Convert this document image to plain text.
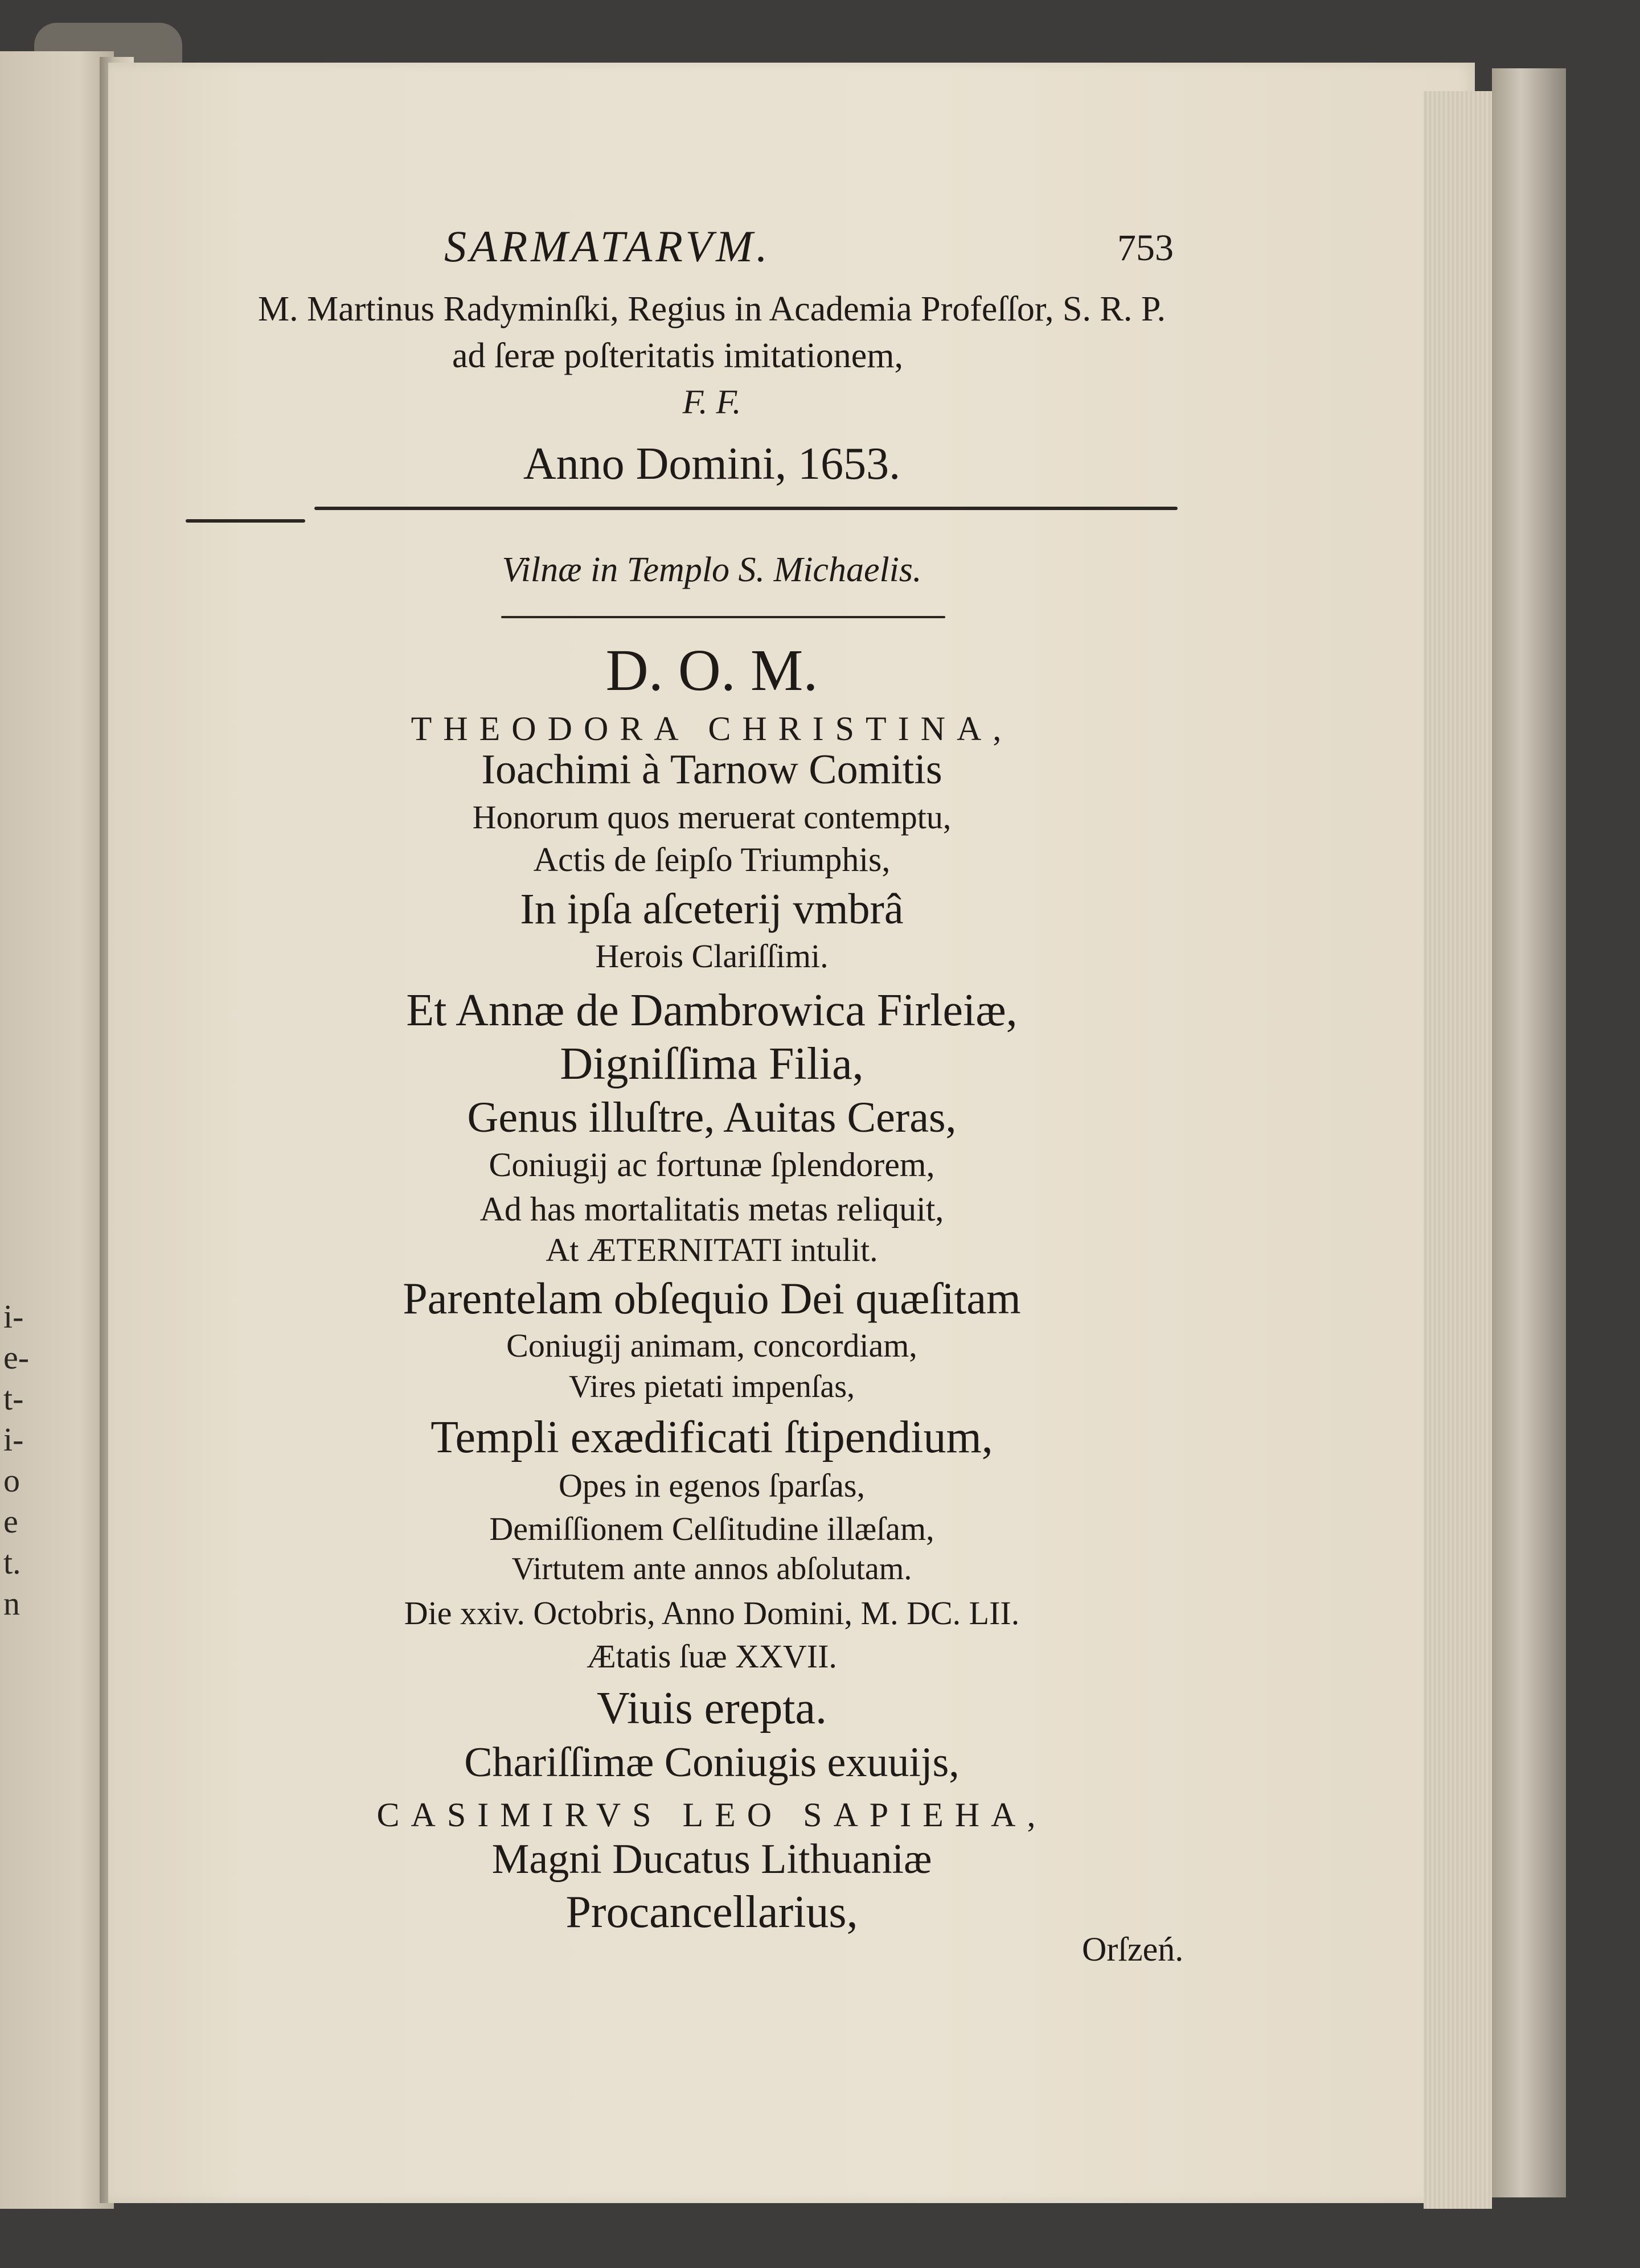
i-
e-
t-
i-
o
e
t.
n
SARMATARVM.	753
M. Martinus Radyminſki, Regius in Academia Profeſſor, S. R. P.
ad ſeræ poſteritatis imitationem,
F. F.
Anno Domini, 1653.
Vilnæ in Templo S. Michaelis.
D. O. M.
THEODORA CHRISTINA,
Ioachimi à Tarnow Comitis
Honorum quos meruerat contemptu,
Actis de ſeipſo Triumphis,
In ipſa aſceterij vmbrâ
Herois Clariſſimi.
Et Annæ de Dambrowica Firleiæ,
Digniſſima Filia,
Genus illuſtre, Auitas Ceras,
Coniugij ac fortunæ ſplendorem,
Ad has mortalitatis metas reliquit,
At ÆTERNITATI intulit.
Parentelam obſequio Dei quæſitam
Coniugij animam, concordiam,
Vires pietati impenſas,
Templi exædificati ſtipendium,
Opes in egenos ſparſas,
Demiſſionem Celſitudine illæſam,
Virtutem ante annos abſolutam.
Die xxiv. Octobris, Anno Domini, M. DC. LII.
Ætatis ſuæ XXVII.
Viuis erepta.
Chariſſimæ Coniugis exuuijs,
CASIMIRVS LEO SAPIEHA,
Magni Ducatus Lithuaniæ
Procancellarius,
Orſzeń.
